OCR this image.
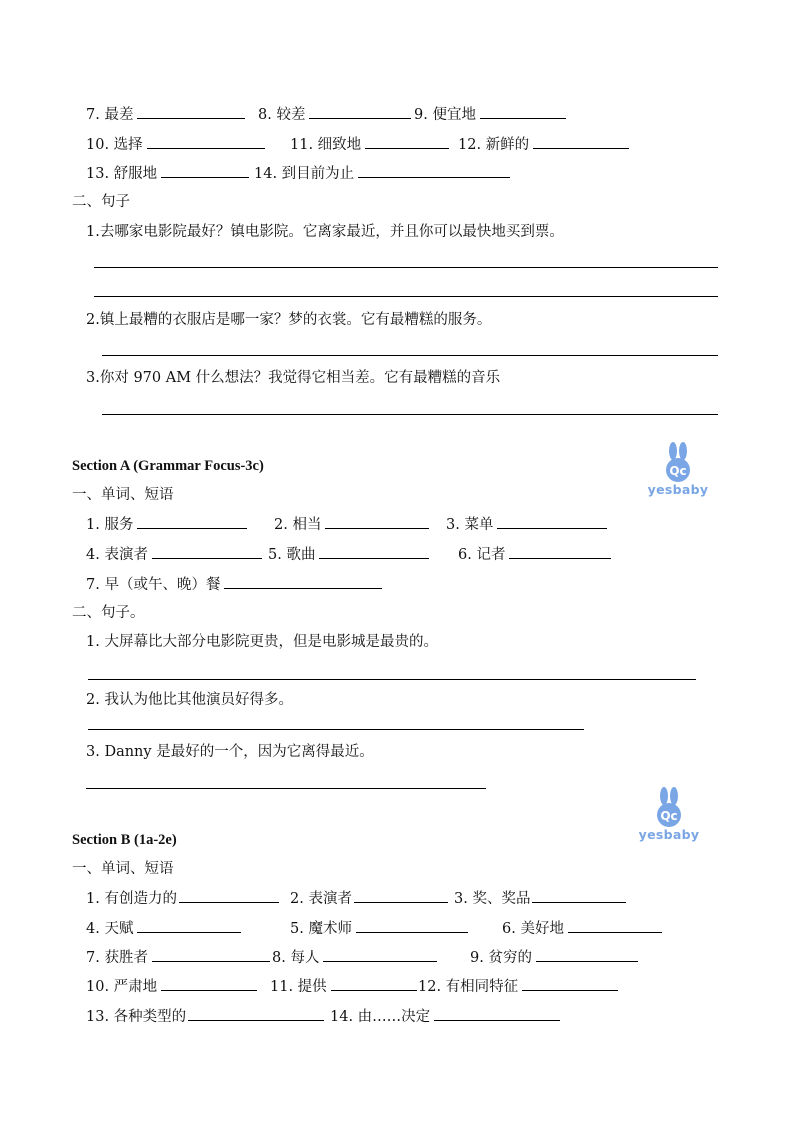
7. 最差	8. 较差	9. 便宜地
10. 选择	11. 细致地	12. 新鲜的
13. 舒服地	14. 到目前为止
二、句子
1.去哪家电影院最好？镇电影院。它离家最近，并且你可以最快地买到票。
2.镇上最糟的衣服店是哪一家？梦的衣裳。它有最糟糕的服务。
3.你对 970 AM 什么想法？我觉得它相当差。它有最糟糕的音乐
Qc
yesbaby
Section A (Grammar Focus-3c)
一、单词、短语
1. 服务	2. 相当	3. 菜单
4. 表演者	5. 歌曲	6. 记者
7. 早（或午、晚）餐
二、句子。
1. 大屏幕比大部分电影院更贵，但是电影城是最贵的。
2. 我认为他比其他演员好得多。
3. Danny 是最好的一个，因为它离得最近。
Qc
yesbaby
Section B (1a-2e)
一、单词、短语
1. 有创造力的	2. 表演者	3. 奖、奖品
4. 天赋	5. 魔术师	6. 美好地
7. 获胜者	8. 每人	9. 贫穷的
10. 严肃地	11. 提供	12. 有相同特征
13. 各种类型的	14. 由……决定
